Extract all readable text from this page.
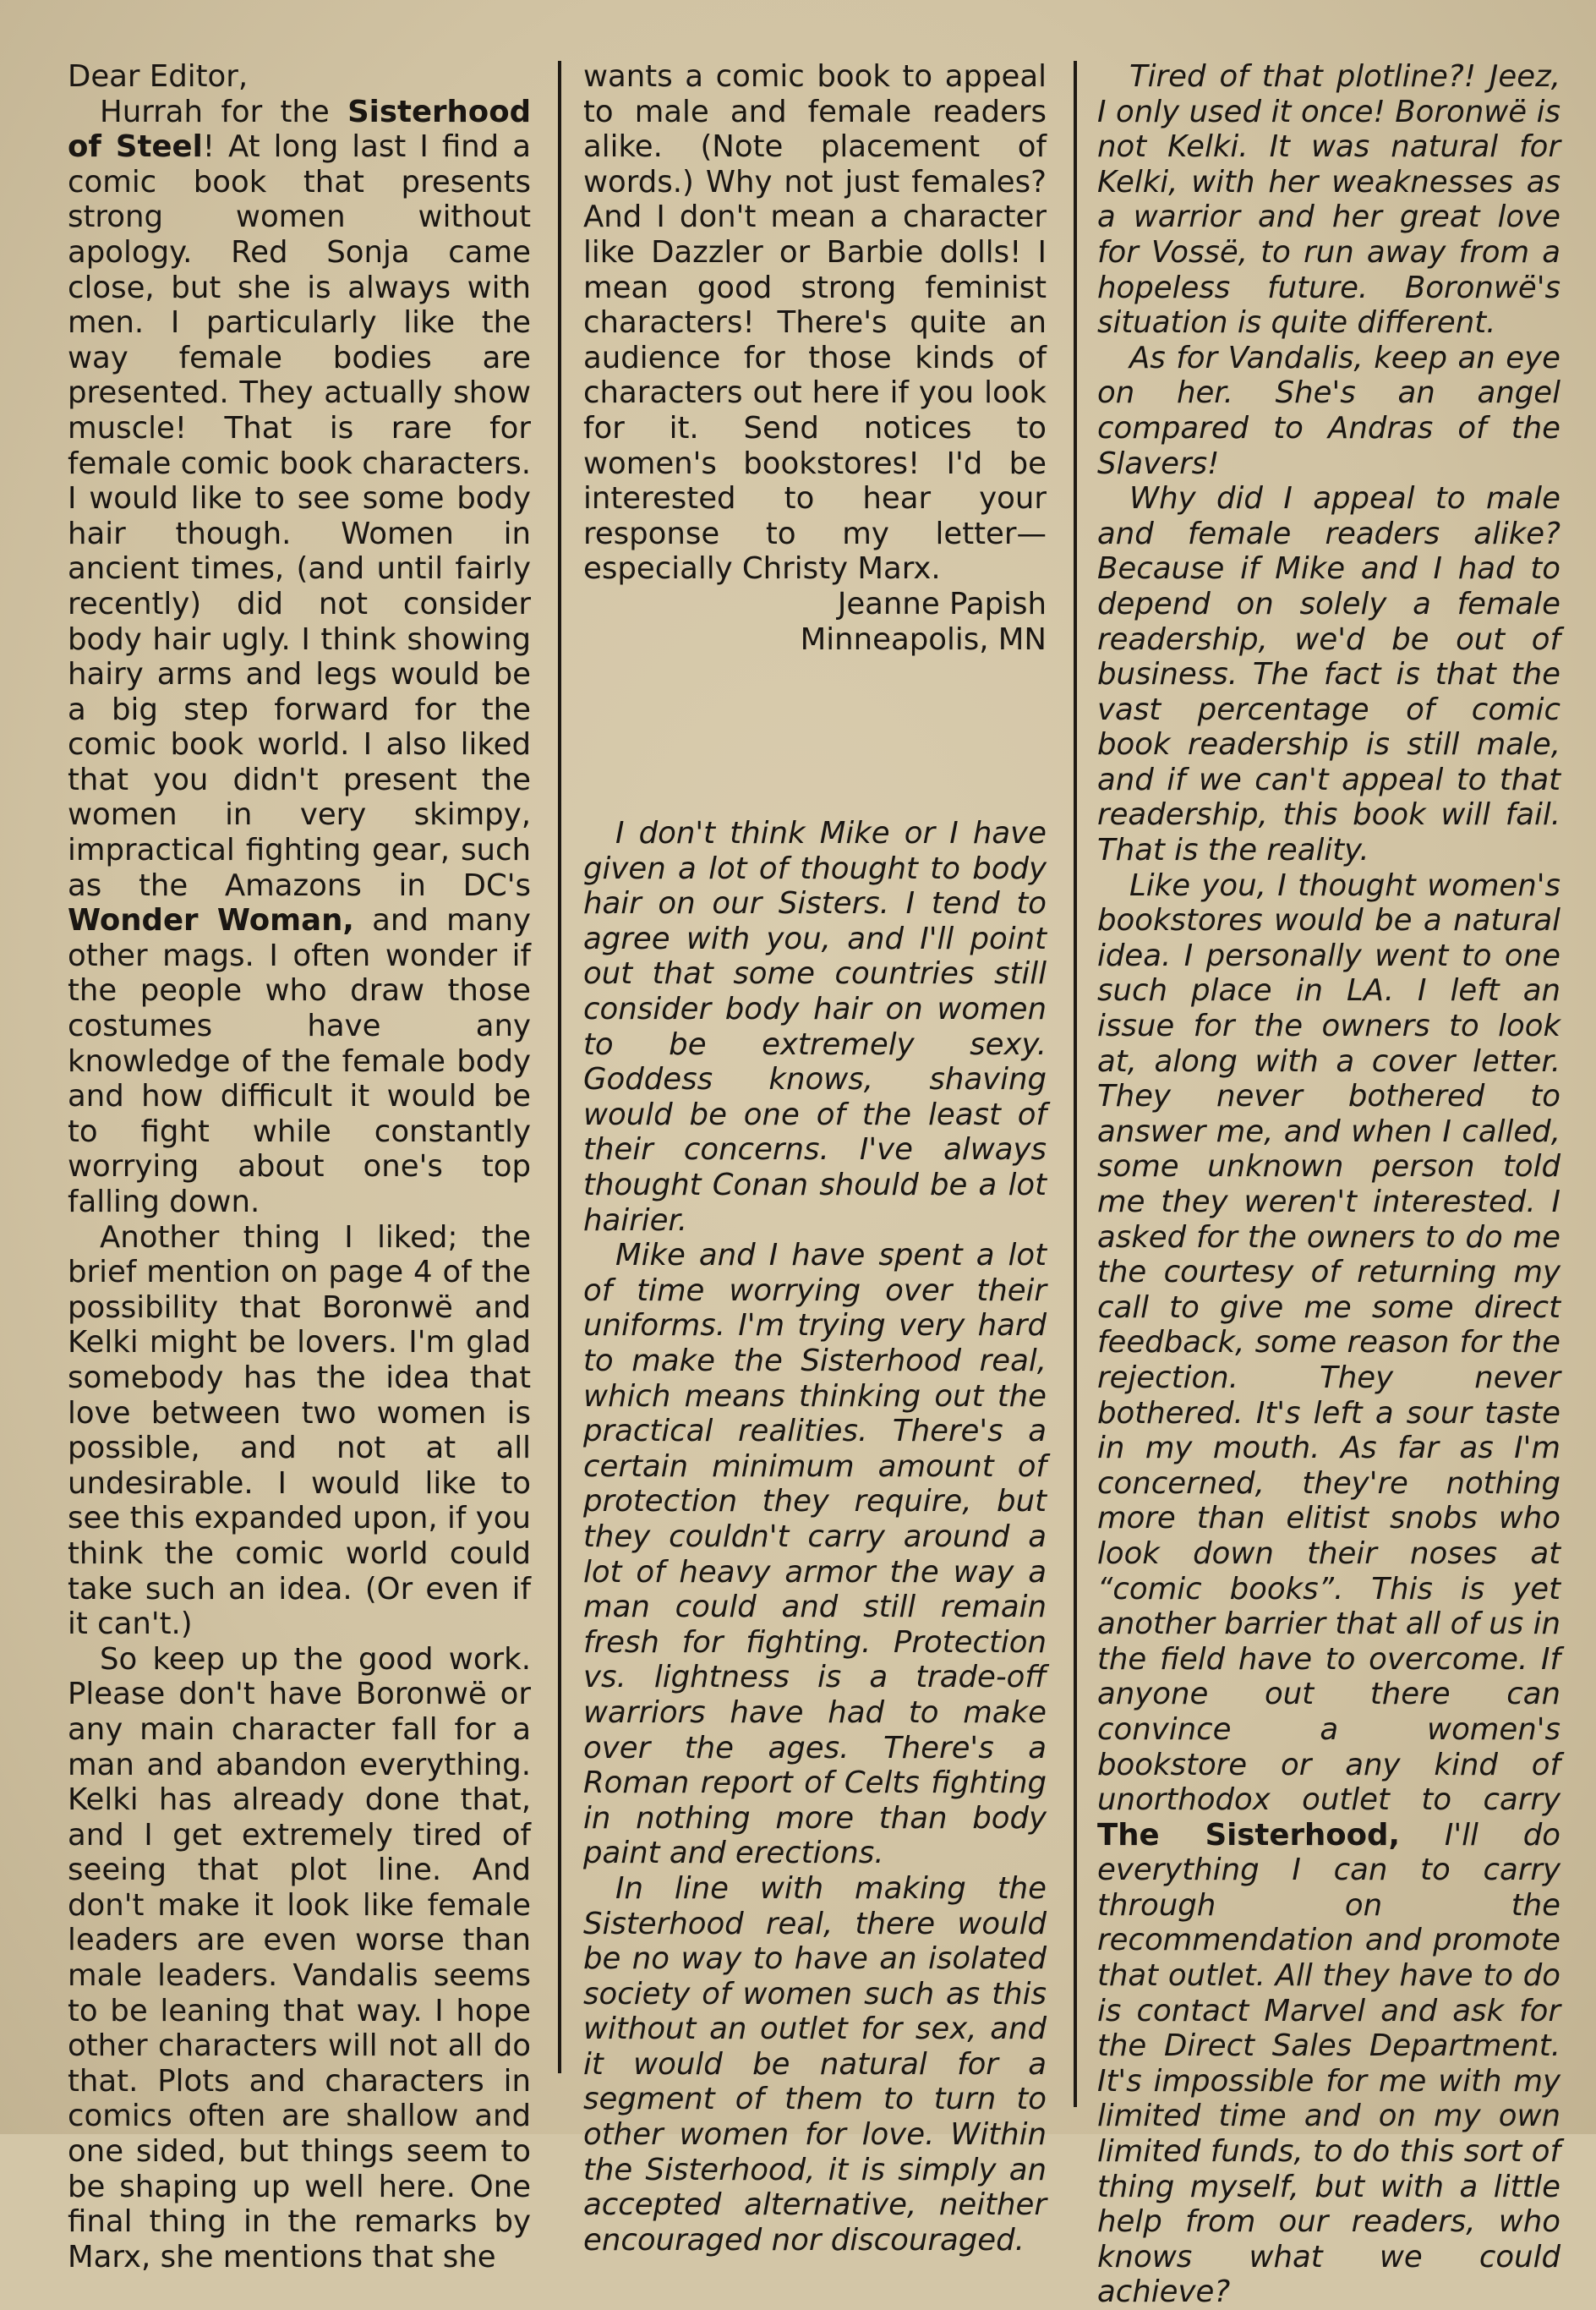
Dear Editor,

Hurrah for the Sisterhood of Steel! At long last I find a comic book that presents strong women without apology. Red Sonja came close, but she is always with men. I particularly like the way female bodies are presented. They actually show muscle! That is rare for female comic book characters. I would like to see some body hair though. Women in ancient times, (and until fairly recently) did not consider body hair ugly. I think showing hairy arms and legs would be a big step forward for the comic book world. I also liked that you didn't present the women in very skimpy, impractical fighting gear, such as the Amazons in DC's Wonder Woman, and many other mags. I often wonder if the people who draw those costumes have any knowledge of the female body and how difficult it would be to fight while constantly worrying about one's top falling down.

Another thing I liked; the brief mention on page 4 of the possibility that Boronwë and Kelki might be lovers. I'm glad somebody has the idea that love between two women is possible, and not at all undesirable. I would like to see this expanded upon, if you think the comic world could take such an idea. (Or even if it can't.)

So keep up the good work. Please don't have Boronwë or any main character fall for a man and abandon everything. Kelki has already done that, and I get extremely tired of seeing that plot line. And don't make it look like female leaders are even worse than male leaders. Vandalis seems to be leaning that way. I hope other characters will not all do that. Plots and characters in comics often are shallow and one sided, but things seem to be shaping up well here. One final thing in the remarks by Marx, she mentions that she

wants a comic book to appeal to male and female readers alike. (Note placement of words.) Why not just females? And I don't mean a character like Dazzler or Barbie dolls! I mean good strong feminist characters! There's quite an audience for those kinds of characters out here if you look for it. Send notices to women's bookstores! I'd be interested to hear your response to my letter—especially Christy Marx.

Jeanne Papish

Minneapolis, MN

I don't think Mike or I have given a lot of thought to body hair on our Sisters. I tend to agree with you, and I'll point out that some countries still consider body hair on women to be extremely sexy. Goddess knows, shaving would be one of the least of their concerns. I've always thought Conan should be a lot hairier.

Mike and I have spent a lot of time worrying over their uniforms. I'm trying very hard to make the Sisterhood real, which means thinking out the practical realities. There's a certain minimum amount of protection they require, but they couldn't carry around a lot of heavy armor the way a man could and still remain fresh for fighting. Protection vs. lightness is a trade-off warriors have had to make over the ages. There's a Roman report of Celts fighting in nothing more than body paint and erections.

In line with making the Sisterhood real, there would be no way to have an isolated society of women such as this without an outlet for sex, and it would be natural for a segment of them to turn to other women for love. Within the Sisterhood, it is simply an accepted alternative, neither encouraged nor discouraged.

Tired of that plotline?! Jeez, I only used it once! Boronwë is not Kelki. It was natural for Kelki, with her weaknesses as a warrior and her great love for Vossë, to run away from a hopeless future. Boronwë's situation is quite different.

As for Vandalis, keep an eye on her. She's an angel compared to Andras of the Slavers!

Why did I appeal to male and female readers alike? Because if Mike and I had to depend on solely a female readership, we'd be out of business. The fact is that the vast percentage of comic book readership is still male, and if we can't appeal to that readership, this book will fail. That is the reality.

Like you, I thought women's bookstores would be a natural idea. I personally went to one such place in LA. I left an issue for the owners to look at, along with a cover letter. They never bothered to answer me, and when I called, some unknown person told me they weren't interested. I asked for the owners to do me the courtesy of returning my call to give me some direct feedback, some reason for the rejection. They never bothered. It's left a sour taste in my mouth. As far as I'm concerned, they're nothing more than elitist snobs who look down their noses at “comic books”. This is yet another barrier that all of us in the field have to overcome. If anyone out there can convince a women's bookstore or any kind of unorthodox outlet to carry The Sisterhood, I'll do everything I can to carry through on the recommendation and promote that outlet. All they have to do is contact Marvel and ask for the Direct Sales Department. It's impossible for me with my limited time and on my own limited funds, to do this sort of thing myself, but with a little help from our readers, who knows what we could achieve?
